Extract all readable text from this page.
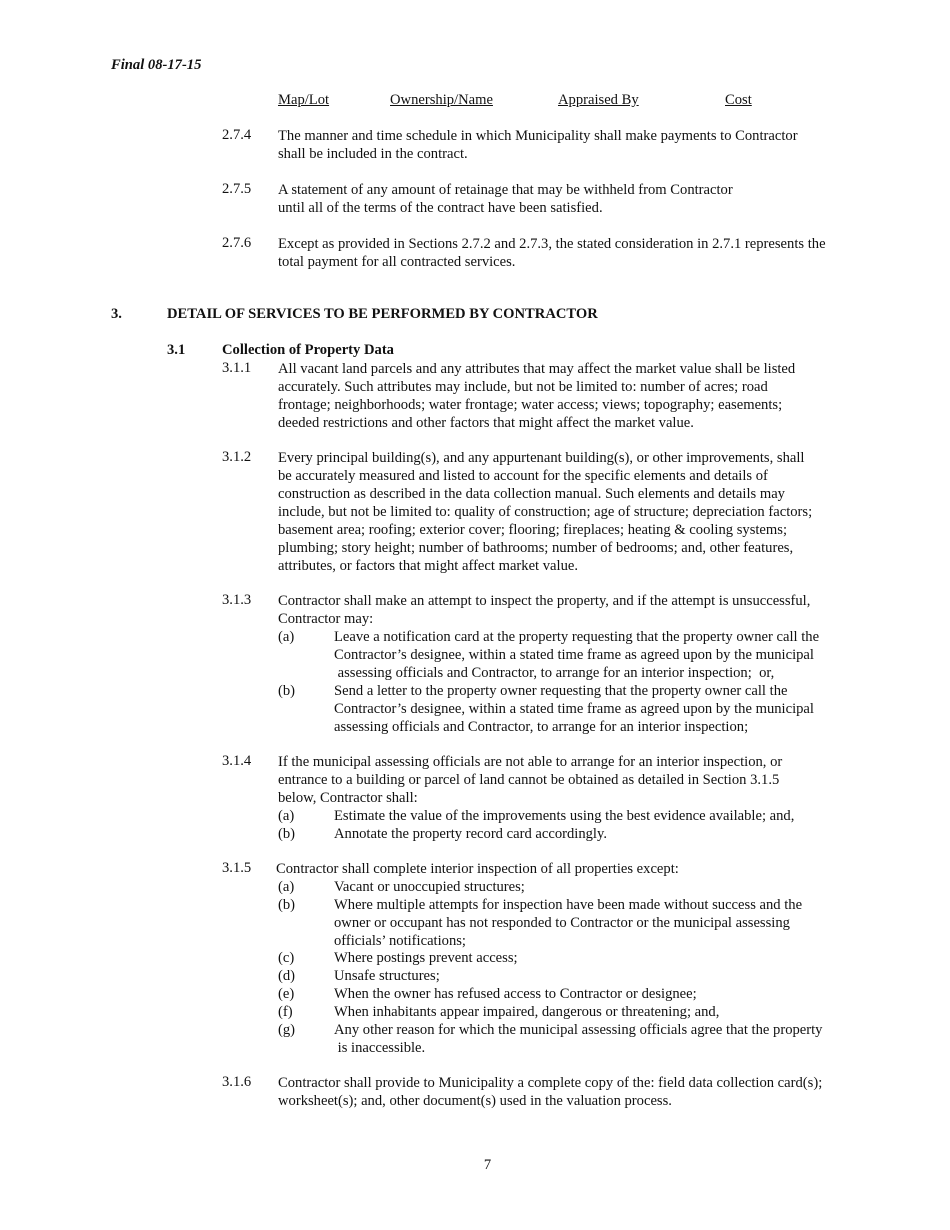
Final 08-17-15
Map/Lot	Ownership/Name	Appraised By	Cost
2.7.4 The manner and time schedule in which Municipality shall make payments to Contractor
shall be included in the contract.
2.7.5 A statement of any amount of retainage that may be withheld from Contractor
until all of the terms of the contract have been satisfied.
2.7.6 Except as provided in Sections 2.7.2 and 2.7.3, the stated consideration in 2.7.1 represents the
total payment for all contracted services.
3.	DETAIL OF SERVICES TO BE PERFORMED BY CONTRACTOR
3.1	Collection of Property Data
3.1.1 All vacant land parcels and any attributes that may affect the market value shall be listed
accurately. Such attributes may include, but not be limited to: number of acres; road
frontage; neighborhoods; water frontage; water access; views; topography; easements;
deeded restrictions and other factors that might affect the market value.
3.1.2 Every principal building(s), and any appurtenant building(s), or other improvements, shall
be accurately measured and listed to account for the specific elements and details of
construction as described in the data collection manual. Such elements and details may
include, but not be limited to: quality of construction; age of structure; depreciation factors;
basement area; roofing; exterior cover; flooring; fireplaces; heating & cooling systems;
plumbing; story height; number of bathrooms; number of bedrooms; and, other features,
attributes, or factors that might affect market value.
3.1.3 Contractor shall make an attempt to inspect the property, and if the attempt is unsuccessful,
Contractor may:
(a)	Leave a notification card at the property requesting that the property owner call the
Contractor’s designee, within a stated time frame as agreed upon by the municipal
assessing officials and Contractor, to arrange for an interior inspection;  or,
(b)	Send a letter to the property owner requesting that the property owner call the
Contractor’s designee, within a stated time frame as agreed upon by the municipal
assessing officials and Contractor, to arrange for an interior inspection;
3.1.4 If the municipal assessing officials are not able to arrange for an interior inspection, or
entrance to a building or parcel of land cannot be obtained as detailed in Section 3.1.5
below, Contractor shall:
(a)	Estimate the value of the improvements using the best evidence available; and,
(b)	Annotate the property record card accordingly.
3.1.5 Contractor shall complete interior inspection of all properties except:
(a)	Vacant or unoccupied structures;
(b)	Where multiple attempts for inspection have been made without success and the
owner or occupant has not responded to Contractor or the municipal assessing
officials’ notifications;
(c)	Where postings prevent access;
(d)	Unsafe structures;
(e)	When the owner has refused access to Contractor or designee;
(f)	When inhabitants appear impaired, dangerous or threatening; and,
(g)	Any other reason for which the municipal assessing officials agree that the property
is inaccessible.
3.1.6 Contractor shall provide to Municipality a complete copy of the: field data collection card(s);
worksheet(s); and, other document(s) used in the valuation process.
7
